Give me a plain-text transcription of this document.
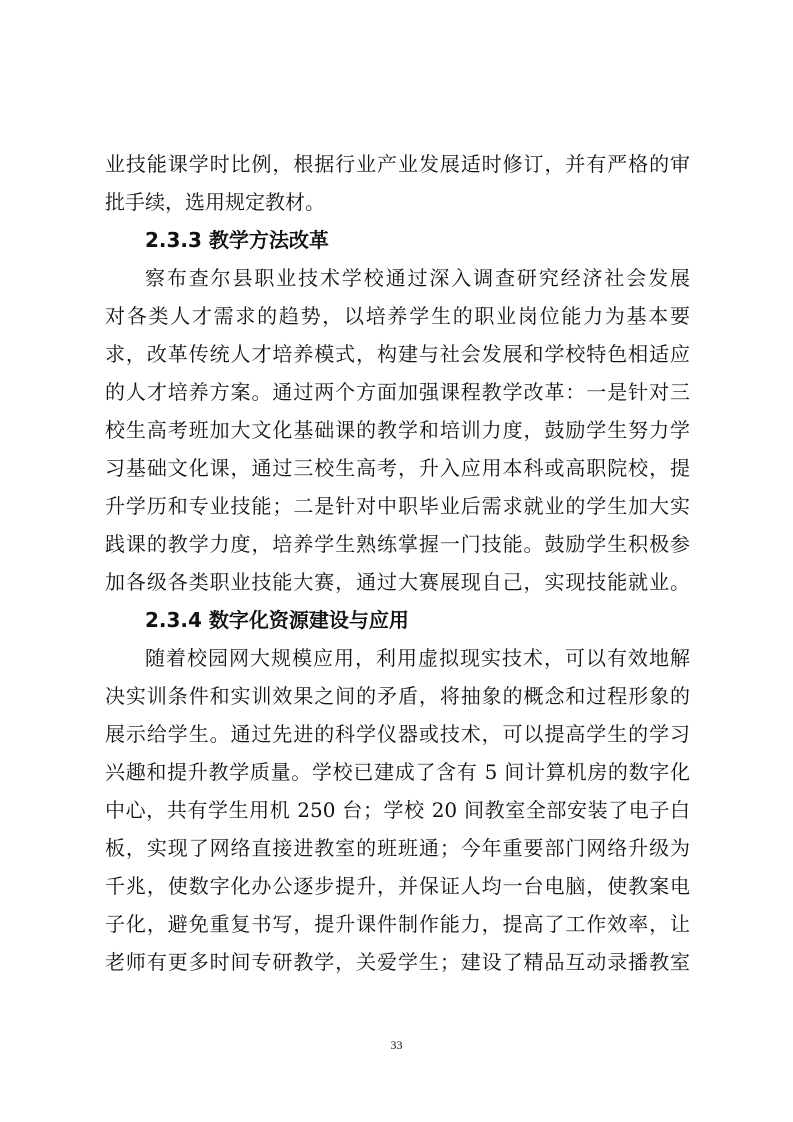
业技能课学时比例，根据行业产业发展适时修订，并有严格的审
批手续，选用规定教材。
2.3.3 教学方法改革
察布查尔县职业技术学校通过深入调查研究经济社会发展
对各类人才需求的趋势，以培养学生的职业岗位能力为基本要
求，改革传统人才培养模式，构建与社会发展和学校特色相适应
的人才培养方案。通过两个方面加强课程教学改革：一是针对三
校生高考班加大文化基础课的教学和培训力度，鼓励学生努力学
习基础文化课，通过三校生高考，升入应用本科或高职院校，提
升学历和专业技能；二是针对中职毕业后需求就业的学生加大实
践课的教学力度，培养学生熟练掌握一门技能。鼓励学生积极参
加各级各类职业技能大赛，通过大赛展现自己，实现技能就业。
2.3.4 数字化资源建设与应用
随着校园网大规模应用，利用虚拟现实技术，可以有效地解
决实训条件和实训效果之间的矛盾，将抽象的概念和过程形象的
展示给学生。通过先进的科学仪器或技术，可以提高学生的学习
兴趣和提升教学质量。学校已建成了含有 5 间计算机房的数字化
中心，共有学生用机 250 台；学校 20 间教室全部安装了电子白
板，实现了网络直接进教室的班班通；今年重要部门网络升级为
千兆，使数字化办公逐步提升，并保证人均一台电脑，使教案电
子化，避免重复书写，提升课件制作能力，提高了工作效率，让
老师有更多时间专研教学，关爱学生；建设了精品互动录播教室
33
